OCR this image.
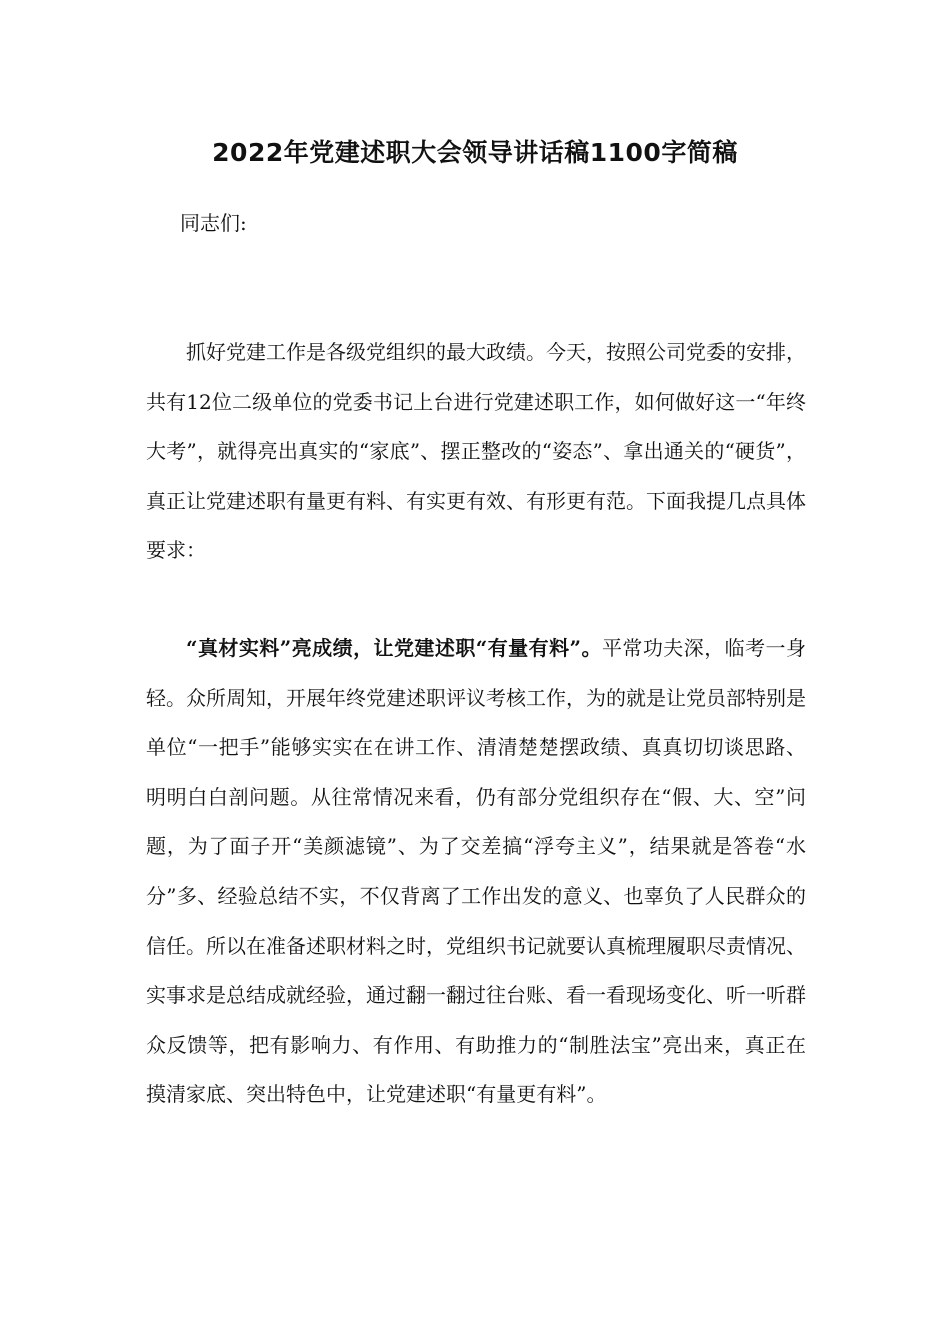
2022年党建述职大会领导讲话稿1100字简稿
同志们:

抓好党建工作是各级党组织的最大政绩。今天，按照公司党委的安排，共有12位二级单位的党委书记上台进行党建述职工作，如何做好这一“年终大考”，就得亮出真实的“家底”、摆正整改的“姿态”、拿出通关的“硬货”，真正让党建述职有量更有料、有实更有效、有形更有范。下面我提几点具体要求：

“真材实料”亮成绩，让党建述职“有量有料”。平常功夫深，临考一身轻。众所周知，开展年终党建述职评议考核工作，为的就是让党员部特别是单位“一把手”能够实实在在讲工作、清清楚楚摆政绩、真真切切谈思路、明明白白剖问题。从往常情况来看，仍有部分党组织存在“假、大、空”问题，为了面子开“美颜滤镜”、为了交差搞“浮夸主义”，结果就是答卷“水分”多、经验总结不实，不仅背离了工作出发的意义、也辜负了人民群众的信任。所以在准备述职材料之时，党组织书记就要认真梳理履职尽责情况、实事求是总结成就经验，通过翻一翻过往台账、看一看现场变化、听一听群众反馈等，把有影响力、有作用、有助推力的“制胜法宝”亮出来，真正在摸清家底、突出特色中，让党建述职“有量更有料”。
